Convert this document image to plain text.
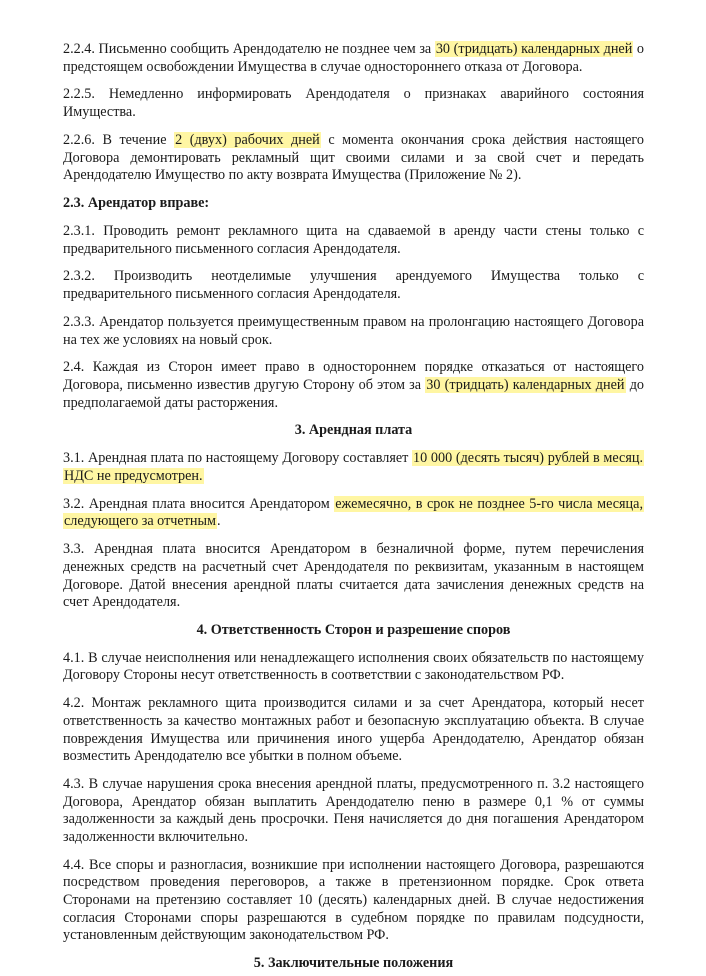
2.2.4. Письменно сообщить Арендодателю не позднее чем за 30 (тридцать) календарных дней о предстоящем освобождении Имущества в случае одностороннего отказа от Договора.

2.2.5. Немедленно информировать Арендодателя о признаках аварийного состояния Имущества.

2.2.6. В течение 2 (двух) рабочих дней с момента окончания срока действия настоящего Договора демонтировать рекламный щит своими силами и за свой счет и передать Арендодателю Имущество по акту возврата Имущества (Приложение № 2).

2.3. Арендатор вправе:

2.3.1. Проводить ремонт рекламного щита на сдаваемой в аренду части стены только с предварительного письменного согласия Арендодателя.

2.3.2. Производить неотделимые улучшения арендуемого Имущества только с предварительного письменного согласия Арендодателя.

2.3.3. Арендатор пользуется преимущественным правом на пролонгацию настоящего Договора на тех же условиях на новый срок.

2.4. Каждая из Сторон имеет право в одностороннем порядке отказаться от настоящего Договора, письменно известив другую Сторону об этом за 30 (тридцать) календарных дней до предполагаемой даты расторжения.

3. Арендная плата

3.1. Арендная плата по настоящему Договору составляет 10 000 (десять тысяч) рублей в месяц. НДС не предусмотрен.

3.2. Арендная плата вносится Арендатором ежемесячно, в срок не позднее 5-го числа месяца, следующего за отчетным.

3.3. Арендная плата вносится Арендатором в безналичной форме, путем перечисления денежных средств на расчетный счет Арендодателя по реквизитам, указанным в настоящем Договоре. Датой внесения арендной платы считается дата зачисления денежных средств на счет Арендодателя.

4. Ответственность Сторон и разрешение споров

4.1. В случае неисполнения или ненадлежащего исполнения своих обязательств по настоящему Договору Стороны несут ответственность в соответствии с законодательством РФ.

4.2. Монтаж рекламного щита производится силами и за счет Арендатора, который несет ответственность за качество монтажных работ и безопасную эксплуатацию объекта. В случае повреждения Имущества или причинения иного ущерба Арендодателю, Арендатор обязан возместить Арендодателю все убытки в полном объеме.

4.3. В случае нарушения срока внесения арендной платы, предусмотренного п. 3.2 настоящего Договора, Арендатор обязан выплатить Арендодателю пеню в размере 0,1 % от суммы задолженности за каждый день просрочки. Пеня начисляется до дня погашения Арендатором задолженности включительно.

4.4. Все споры и разногласия, возникшие при исполнении настоящего Договора, разрешаются посредством проведения переговоров, а также в претензионном порядке. Срок ответа Сторонами на претензию составляет 10 (десять) календарных дней. В случае недостижения согласия Сторонами споры разрешаются в судебном порядке по правилам подсудности, установленным действующим законодательством РФ.

5. Заключительные положения
